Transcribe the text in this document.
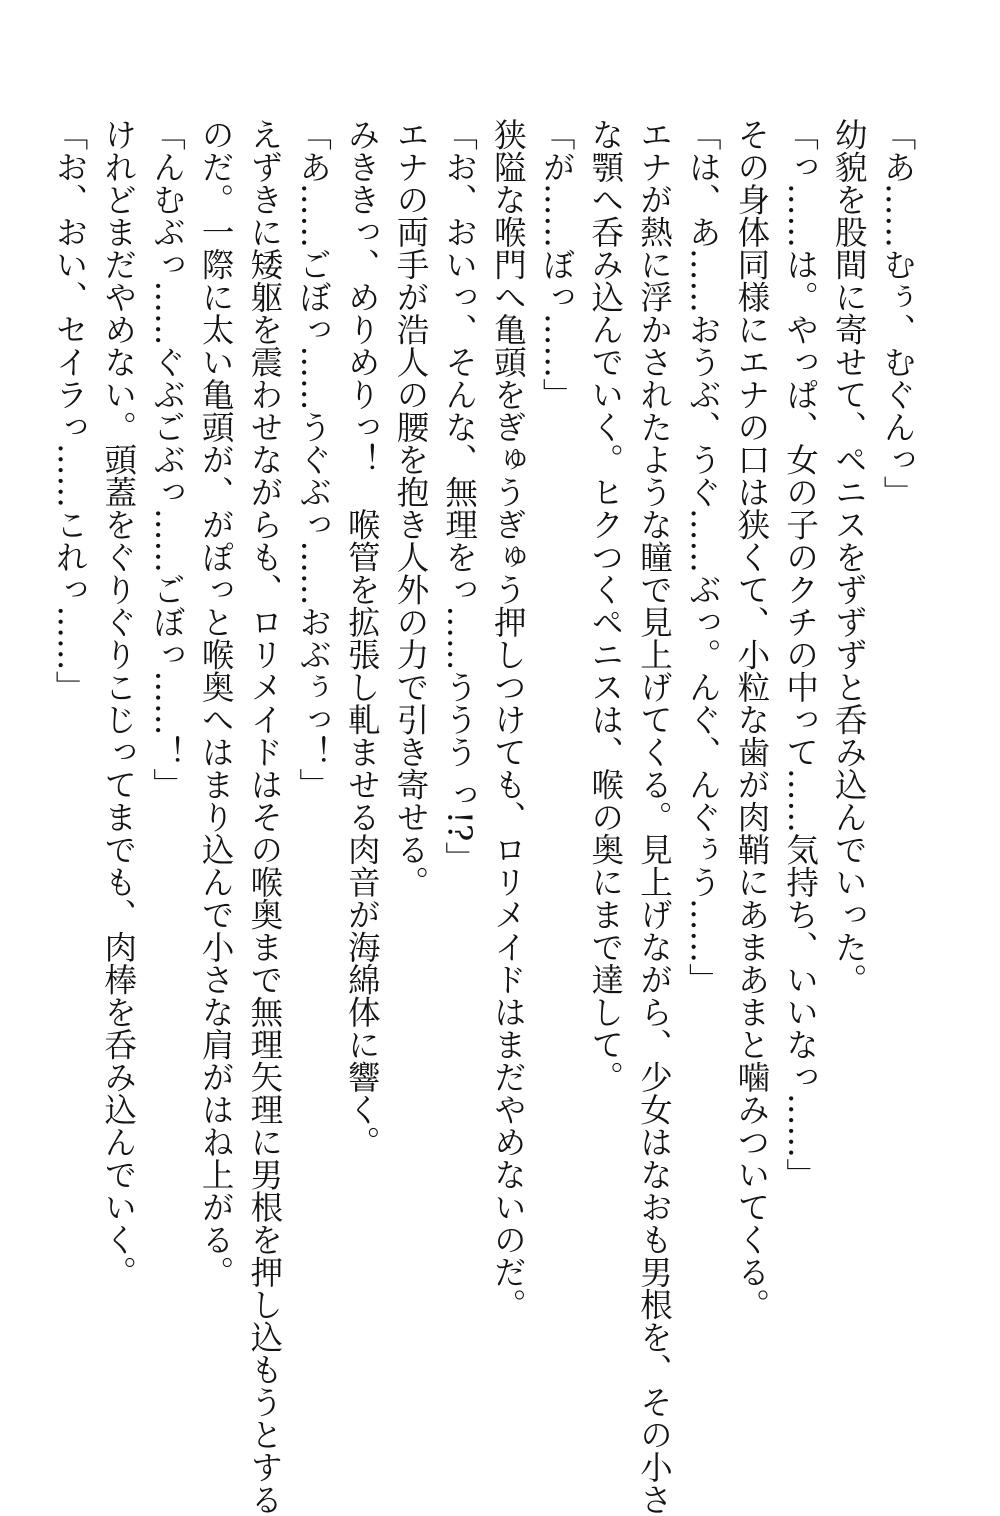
「あ……むぅ、むぐんっ」
幼貌を股間に寄せて、ペニスをずずずと呑み込んでいった。
「っ……は。やっぱ、女の子のクチの中って……気持ち、いいなっ……」
その身体同様にエナの口は狭くて、小粒な歯が肉鞘にあまあまと噛みついてくる。
「は、あ……おうぶ、うぐ……ぶっ。んぐ、んぐぅう……」
エナが熱に浮かされたような瞳で見上げてくる。見上げながら、少女はなおも男根を、その小さ
な顎へ呑み込んでいく。ヒクつくペニスは、喉の奥にまで達して。
「が……ぼっ……」
狭隘な喉門へ亀頭をぎゅうぎゅう押しつけても、ロリメイドはまだやめないのだ。
「お、おいっ、そんな、無理をっ……ううう っ!?」
エナの両手が浩人の腰を抱き人外の力で引き寄せる。
みききっ、めりめりっ！　喉管を拡張し軋ませる肉音が海綿体に響く。
「あ……ごぼっ……うぐぶっ……おぶぅっ！」
えずきに矮躯を震わせながらも、ロリメイドはその喉奥まで無理矢理に男根を押し込もうとする
のだ。一際に太い亀頭が、がぽっと喉奥へはまり込んで小さな肩がはね上がる。
「んむぶっ……ぐぶごぶっ……ごぼっ……！」
けれどまだやめない。頭蓋をぐりぐりこじってまでも、肉棒を呑み込んでいく。
「お、おい、セイラっ……これっ……」
